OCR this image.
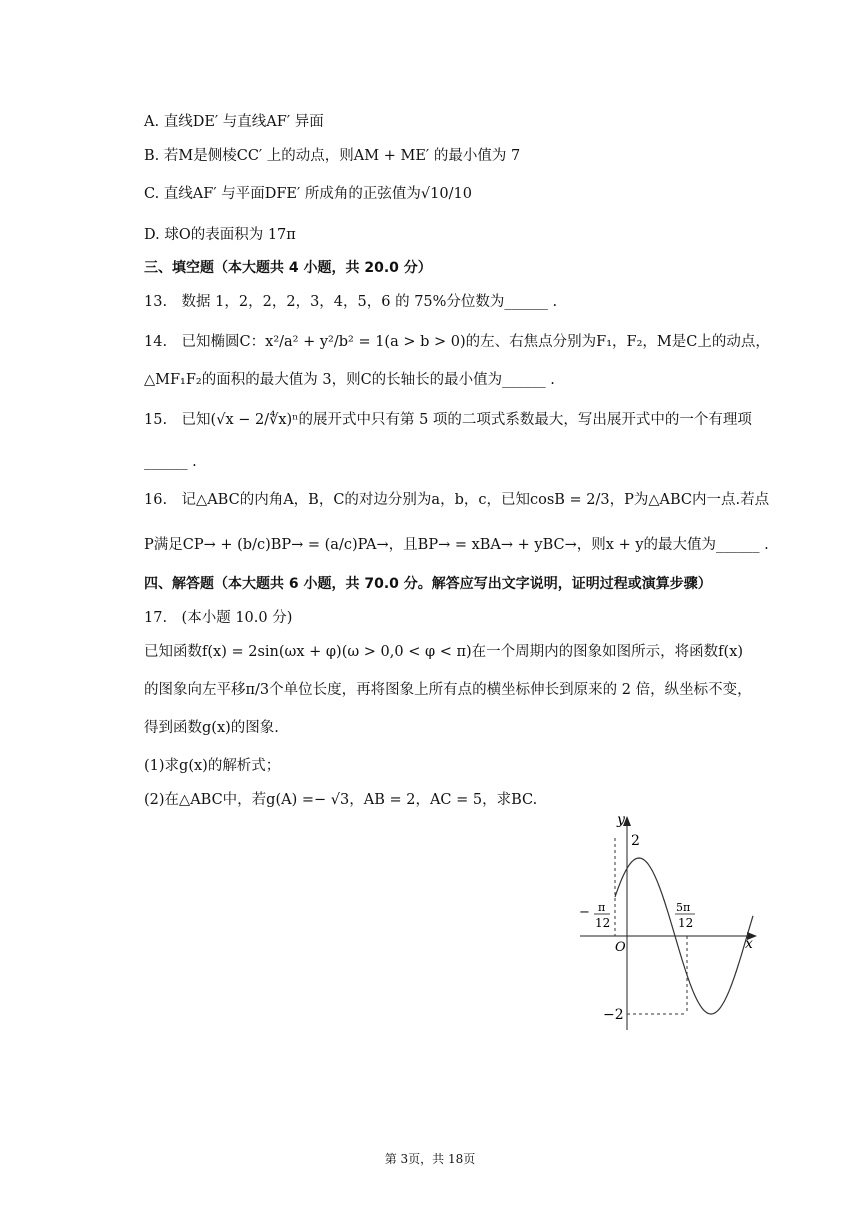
A. 直线DE′ 与直线AF′ 异面
B. 若M是侧棱CC′ 上的动点，则AM + ME′ 的最小值为 7
C. 直线AF′ 与平面DFE′ 所成角的正弦值为√10/10
D. 球O的表面积为 17π
三、填空题（本大题共 4 小题，共 20.0 分）
13.　数据 1，2，2，2，3，4，5，6 的 75%分位数为______ .
14.　已知椭圆C：x²/a² + y²/b² = 1(a > b > 0)的左、右焦点分别为F₁，F₂，M是C上的动点，
△MF₁F₂的面积的最大值为 3，则C的长轴长的最小值为______ .
15.　已知(√x − 2/∜x)ⁿ的展开式中只有第 5 项的二项式系数最大，写出展开式中的一个有理项
______ .
16.　记△ABC的内角A，B，C的对边分别为a，b，c，已知cosB = 2/3，P为△ABC内一点.若点
P满足CP→ + (b/c)BP→ = (a/c)PA→，且BP→ = xBA→ + yBC→，则x + y的最大值为______ .
四、解答题（本大题共 6 小题，共 70.0 分。解答应写出文字说明，证明过程或演算步骤）
17.　(本小题 10.0 分)
已知函数f(x) = 2sin(ωx + φ)(ω > 0,0 < φ < π)在一个周期内的图象如图所示，将函数f(x)
的图象向左平移π/3个单位长度，再将图象上所有点的横坐标伸长到原来的 2 倍，纵坐标不变，
得到函数g(x)的图象.
(1)求g(x)的解析式；
(2)在△ABC中，若g(A) =− √3，AB = 2，AC = 5，求BC.
y
2
−2
O	x
− π
12
5π
12
第 3页，共 18页
